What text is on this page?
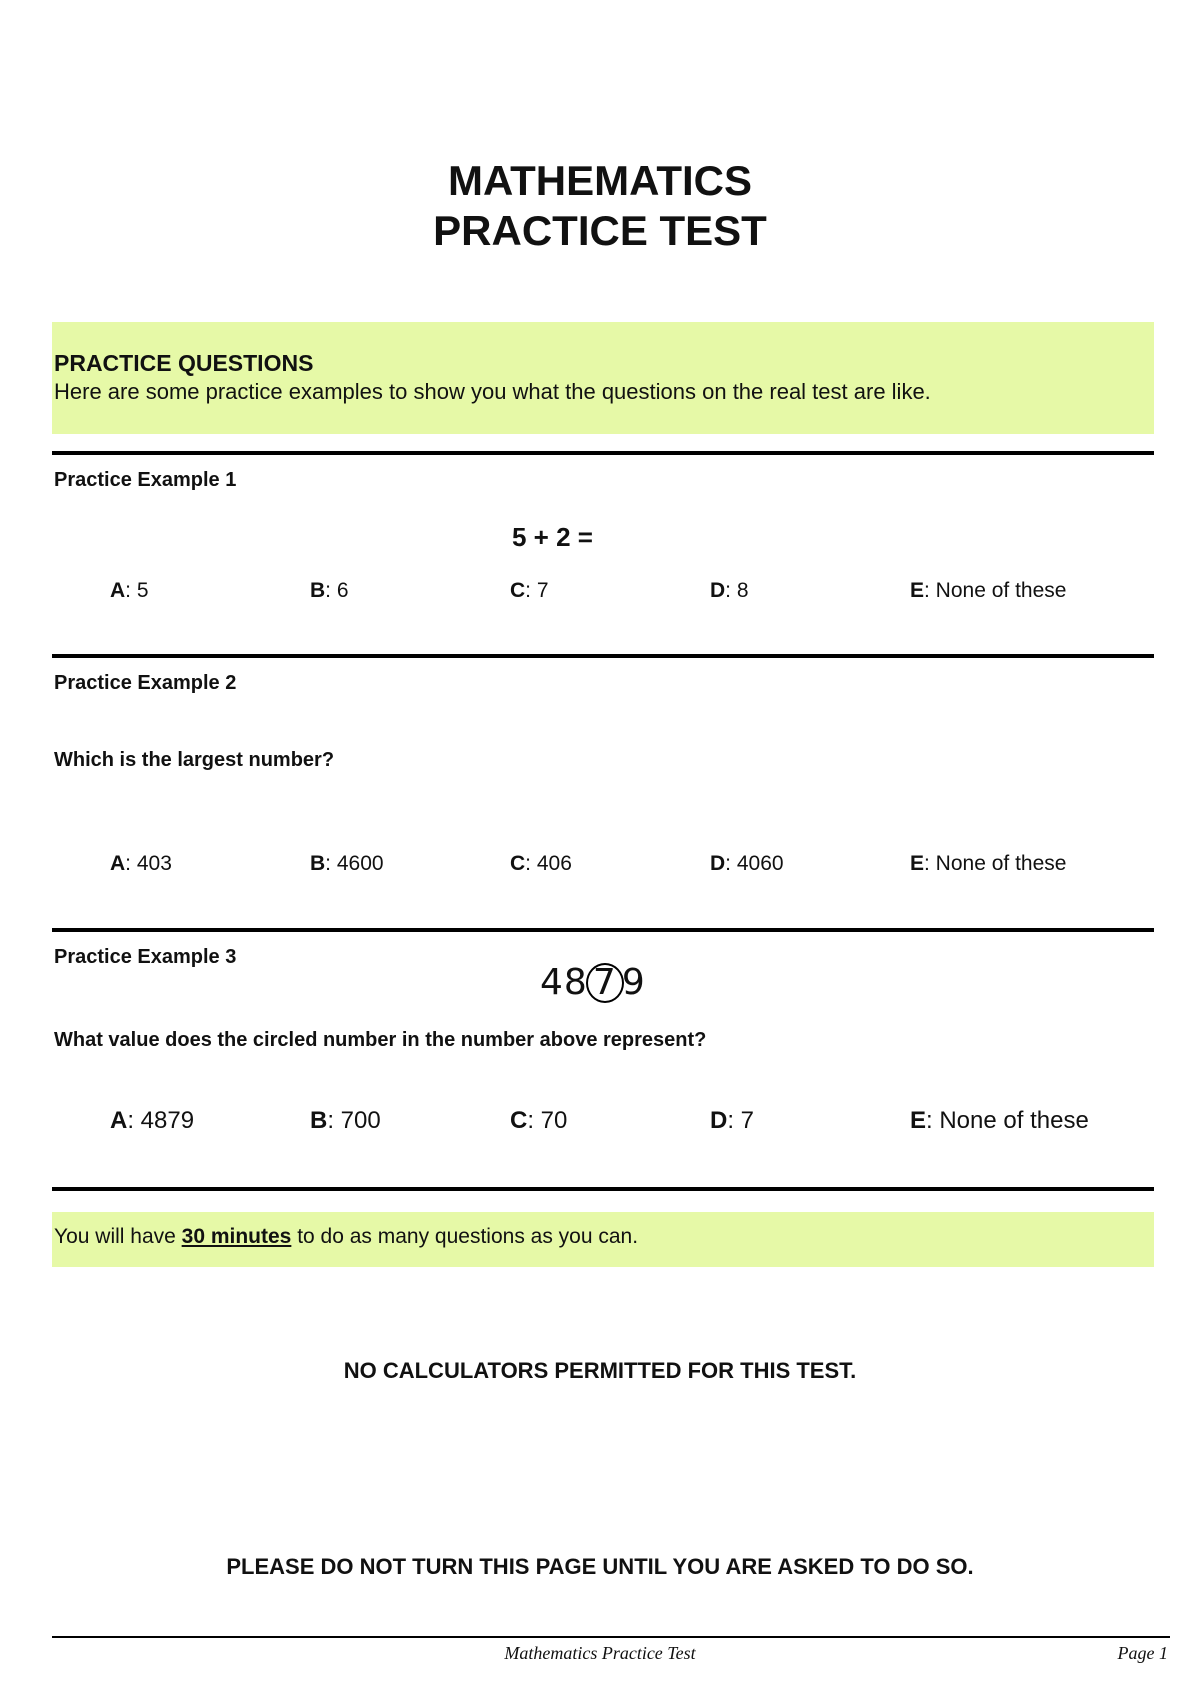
MATHEMATICS
PRACTICE TEST
PRACTICE QUESTIONS
Here are some practice examples to show you what the questions on the real test are like.
Practice Example 1
5 + 2 =
A: 5	B: 6	C: 7	D: 8	E: None of these
Practice Example 2
Which is the largest number?
A: 403	B: 4600	C: 406	D: 4060	E: None of these
Practice Example 3
48 7 9
What value does the circled number in the number above represent?
A: 4879	B: 700	C: 70	D: 7	E: None of these
You will have 30 minutes to do as many questions as you can.
NO CALCULATORS PERMITTED FOR THIS TEST.
PLEASE DO NOT TURN THIS PAGE UNTIL YOU ARE ASKED TO DO SO.
Mathematics Practice Test	Page 1
